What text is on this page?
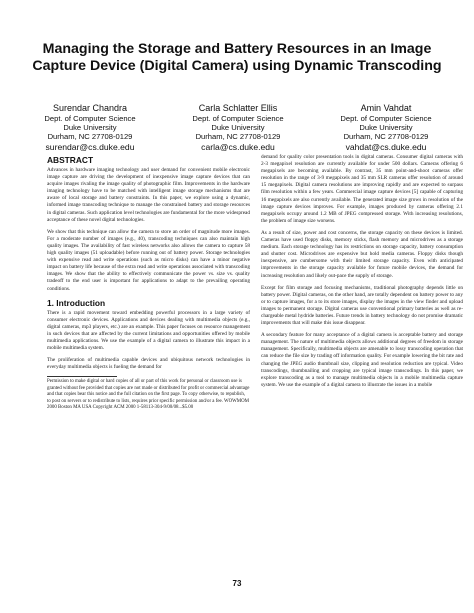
Managing the Storage and Battery Resources in an Image Capture Device (Digital Camera) using Dynamic Transcoding
Surendar Chandra
Dept. of Computer Science
Duke University
Durham, NC 27708-0129
surendar@cs.duke.edu
Carla Schlatter Ellis
Dept. of Computer Science
Duke University
Durham, NC 27708-0129
carla@cs.duke.edu
Amin Vahdat
Dept. of Computer Science
Duke University
Durham, NC 27708-0129
vahdat@cs.duke.edu
ABSTRACT

Advances in hardware imaging technology and user demand for convenient mobile electronic image capture are driving the development of inexpensive image capture devices that can acquire images rivaling the image quality of photographic film. Improvements in the hardware imaging technology have to be matched with intelligent image storage mechanisms that are aware of local storage and battery constraints. In this paper, we explore using a dynamic, informed image transcoding technique to manage the constrained battery and storage resources in digital cameras. Such application level technologies are fundamental for the more widespread acceptance of these novel digital technologies.

We show that this technique can allow the camera to store an order of magnitude more images. For a moderate number of images (e.g., 40), transcoding techniques can also maintain high quality images. The availability of fast wireless networks also allows the camera to capture 58 high quality images (51 uploadable) before running out of battery power. Storage technologies with expensive read and write operations (such as micro disks) can have a minor negative impact on battery life because of the extra read and write operations associated with transcoding images. We show that the ability to effectively communicate the power vs. size vs. quality tradeoff to the end user is important for applications to adapt to the prevailing operating conditions.

1. Introduction

There is a rapid movement toward embedding powerful processors in a large variety of consumer electronic devices. Applications and devices dealing with multimedia objects (e.g., digital cameras, mp3 players, etc.) are an example. This paper focuses on resource management in such devices that are affected by the current limitations and opportunities offered by mobile multimedia applications. We use the example of a digital camera to illustrate this impact in a mobile multimedia system.

The proliferation of multimedia capable devices and ubiquitous network technologies in everyday multimedia objects is fueling the demand for

Permission to make digital or hard copies of all or part of this work for personal or classroom use is granted without fee provided that copies are not made or distributed for profit or commercial advantage and that copies bear this notice and the full citation on the first page. To copy otherwise, to republish, to post on servers or to redistribute to lists, requires prior specific permission and/or a fee. WOWMOM 2000 Boston MA USA Copyright ACM 2000 1-58113-304-9/00/08...$5.00

demand for quality color presentation tools in digital cameras. Consumer digital cameras with 2-3 megapixel resolution are currently available for under 500 dollars. Cameras offering 6 megapixels are becoming available. By contrast, 35 mm point-and-shoot cameras offer resolution in the range of 3-9 megapixels and 35 mm SLR cameras offer resolution of around 15 megapixels. Digital camera resolutions are improving rapidly and are expected to surpass film resolution within a few years. Commercial image capture devices [5] capable of capturing 16 megapixels are also currently available. The generated image size grows in resolution of the image capture devices improves. For example, images produced by cameras offering 2.1 megapixels occupy around 1.2 MB of JPEG compressed storage. With increasing resolutions, the problem of image size worsens.

As a result of size, power and cost concerns, the storage capacity on these devices is limited. Cameras have used floppy disks, memory sticks, flash memory and microdrives as a storage medium. Each storage technology has its restrictions on storage capacity, battery consumption and shutter cost. Microdrives are expensive but hold media cameras. Floppy disks though inexpensive, are cumbersome with their limited storage capacity. Even with anticipated improvements in the storage capacity available for future mobile devices, the demand for increasing resolution and likely out-pace the supply of storage.

Except for film storage and focusing mechanisms, traditional photography depends little on battery power. Digital cameras, on the other hand, are totally dependent on battery power to any or to capture images, for a to its store images, display the images in the view finder and upload images to permanent storage. Digital cameras use conventional primary batteries as well as re-chargeable metal hydride batteries. Future trends in battery technology do not promise dramatic improvements that will make this issue disappear.

A secondary feature for many acceptance of a digital camera is acceptable battery and storage management. The nature of multimedia objects allows additional degrees of freedom in storage management. Specifically, multimedia objects are amenable to lossy transcoding operation that can reduce the file size by trading off information quality. For example lowering the bit rate and changing the JPEG audio thumbnail size, clipping and resolution reduction are typical. Video transcodings, thumbnailing and cropping are typical image transcodings. In this paper, we explore transcoding as a tool to manage multimedia objects in a mobile multimedia capture system. We use the example of a digital camera to illustrate the issues in a mobile

73
